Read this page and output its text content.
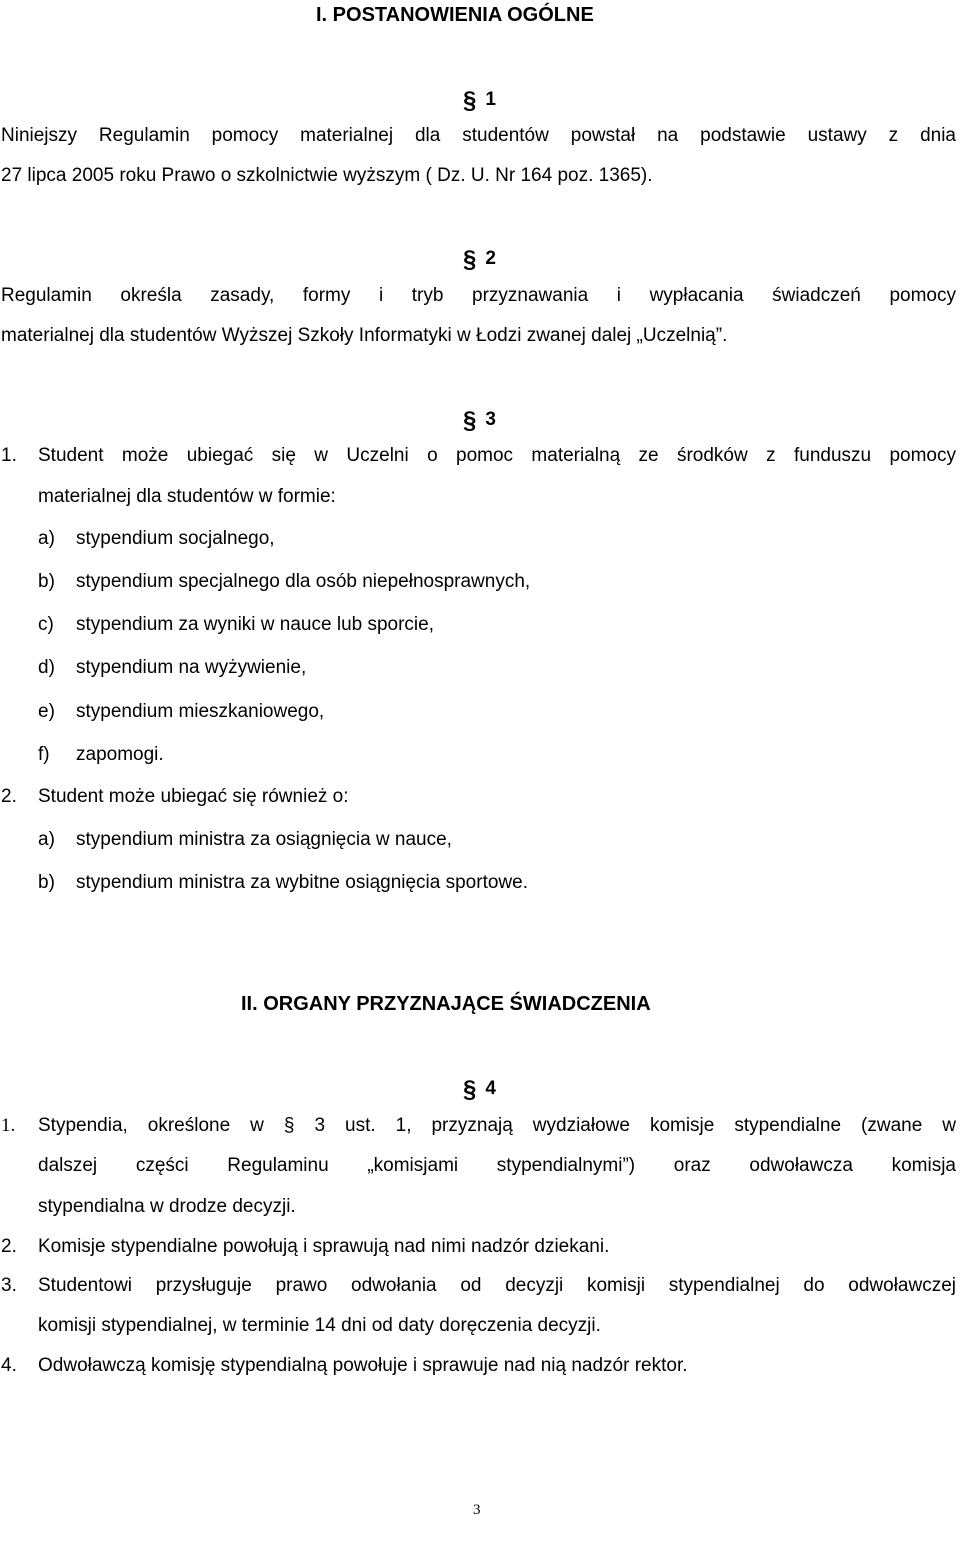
I. POSTANOWIENIA OGÓLNE
§ 1
Niniejszy Regulamin pomocy materialnej dla studentów powstał na podstawie ustawy z dnia
27 lipca 2005 roku Prawo o szkolnictwie wyższym ( Dz. U. Nr 164 poz. 1365).
§ 2
Regulamin określa zasady, formy i tryb przyznawania i wypłacania świadczeń pomocy
materialnej dla studentów Wyższej Szkoły Informatyki w Łodzi zwanej dalej „Uczelnią”.
§ 3
1. Student może ubiegać się w Uczelni o pomoc materialną ze środków z funduszu pomocy
materialnej dla studentów w formie:
a) stypendium socjalnego,
b) stypendium specjalnego dla osób niepełnosprawnych,
c) stypendium za wyniki w nauce lub sporcie,
d) stypendium na wyżywienie,
e) stypendium mieszkaniowego,
f) zapomogi.
2. Student może ubiegać się również o:
a) stypendium ministra za osiągnięcia w nauce,
b) stypendium ministra za wybitne osiągnięcia sportowe.
II. ORGANY PRZYZNAJĄCE ŚWIADCZENIA
§ 4
1. Stypendia, określone w § 3 ust. 1, przyznają wydziałowe komisje stypendialne (zwane w
dalszej części Regulaminu „komisjami stypendialnymi”) oraz odwoławcza komisja
stypendialna w drodze decyzji.
2. Komisje stypendialne powołują i sprawują nad nimi nadzór dziekani.
3. Studentowi przysługuje prawo odwołania od decyzji komisji stypendialnej do odwoławczej
komisji stypendialnej, w terminie 14 dni od daty doręczenia decyzji.
4. Odwoławczą komisję stypendialną powołuje i sprawuje nad nią nadzór rektor.
3
